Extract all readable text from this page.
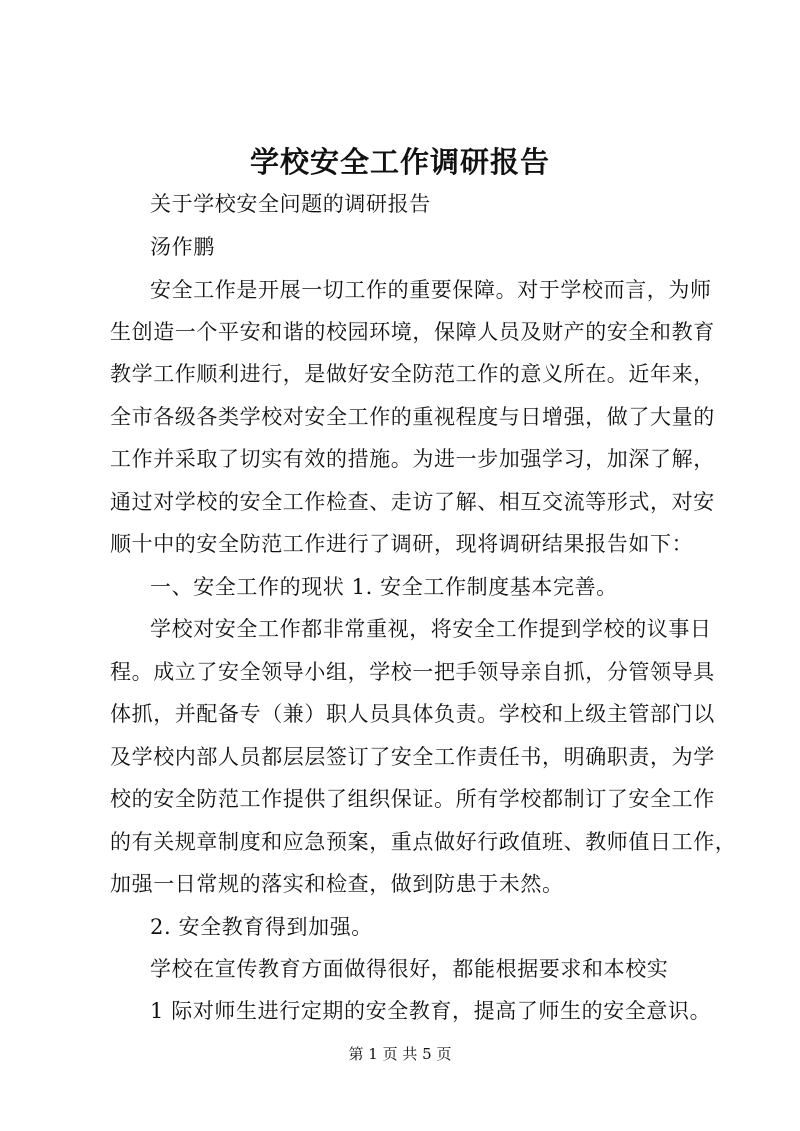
学校安全工作调研报告
关于学校安全问题的调研报告
汤作鹏
安全工作是开展一切工作的重要保障。对于学校而言，为师
生创造一个平安和谐的校园环境，保障人员及财产的安全和教育
教学工作顺利进行，是做好安全防范工作的意义所在。近年来，
全市各级各类学校对安全工作的重视程度与日增强，做了大量的
工作并采取了切实有效的措施。为进一步加强学习，加深了解，
通过对学校的安全工作检查、走访了解、相互交流等形式，对安
顺十中的安全防范工作进行了调研，现将调研结果报告如下：
一、安全工作的现状 1. 安全工作制度基本完善。
学校对安全工作都非常重视，将安全工作提到学校的议事日
程。成立了安全领导小组，学校一把手领导亲自抓，分管领导具
体抓，并配备专（兼）职人员具体负责。学校和上级主管部门以
及学校内部人员都层层签订了安全工作责任书，明确职责，为学
校的安全防范工作提供了组织保证。所有学校都制订了安全工作
的有关规章制度和应急预案，重点做好行政值班、教师值日工作，
加强一日常规的落实和检查，做到防患于未然。
2. 安全教育得到加强。
学校在宣传教育方面做得很好，都能根据要求和本校实
1 际对师生进行定期的安全教育，提高了师生的安全意识。
第 1 页 共 5 页
